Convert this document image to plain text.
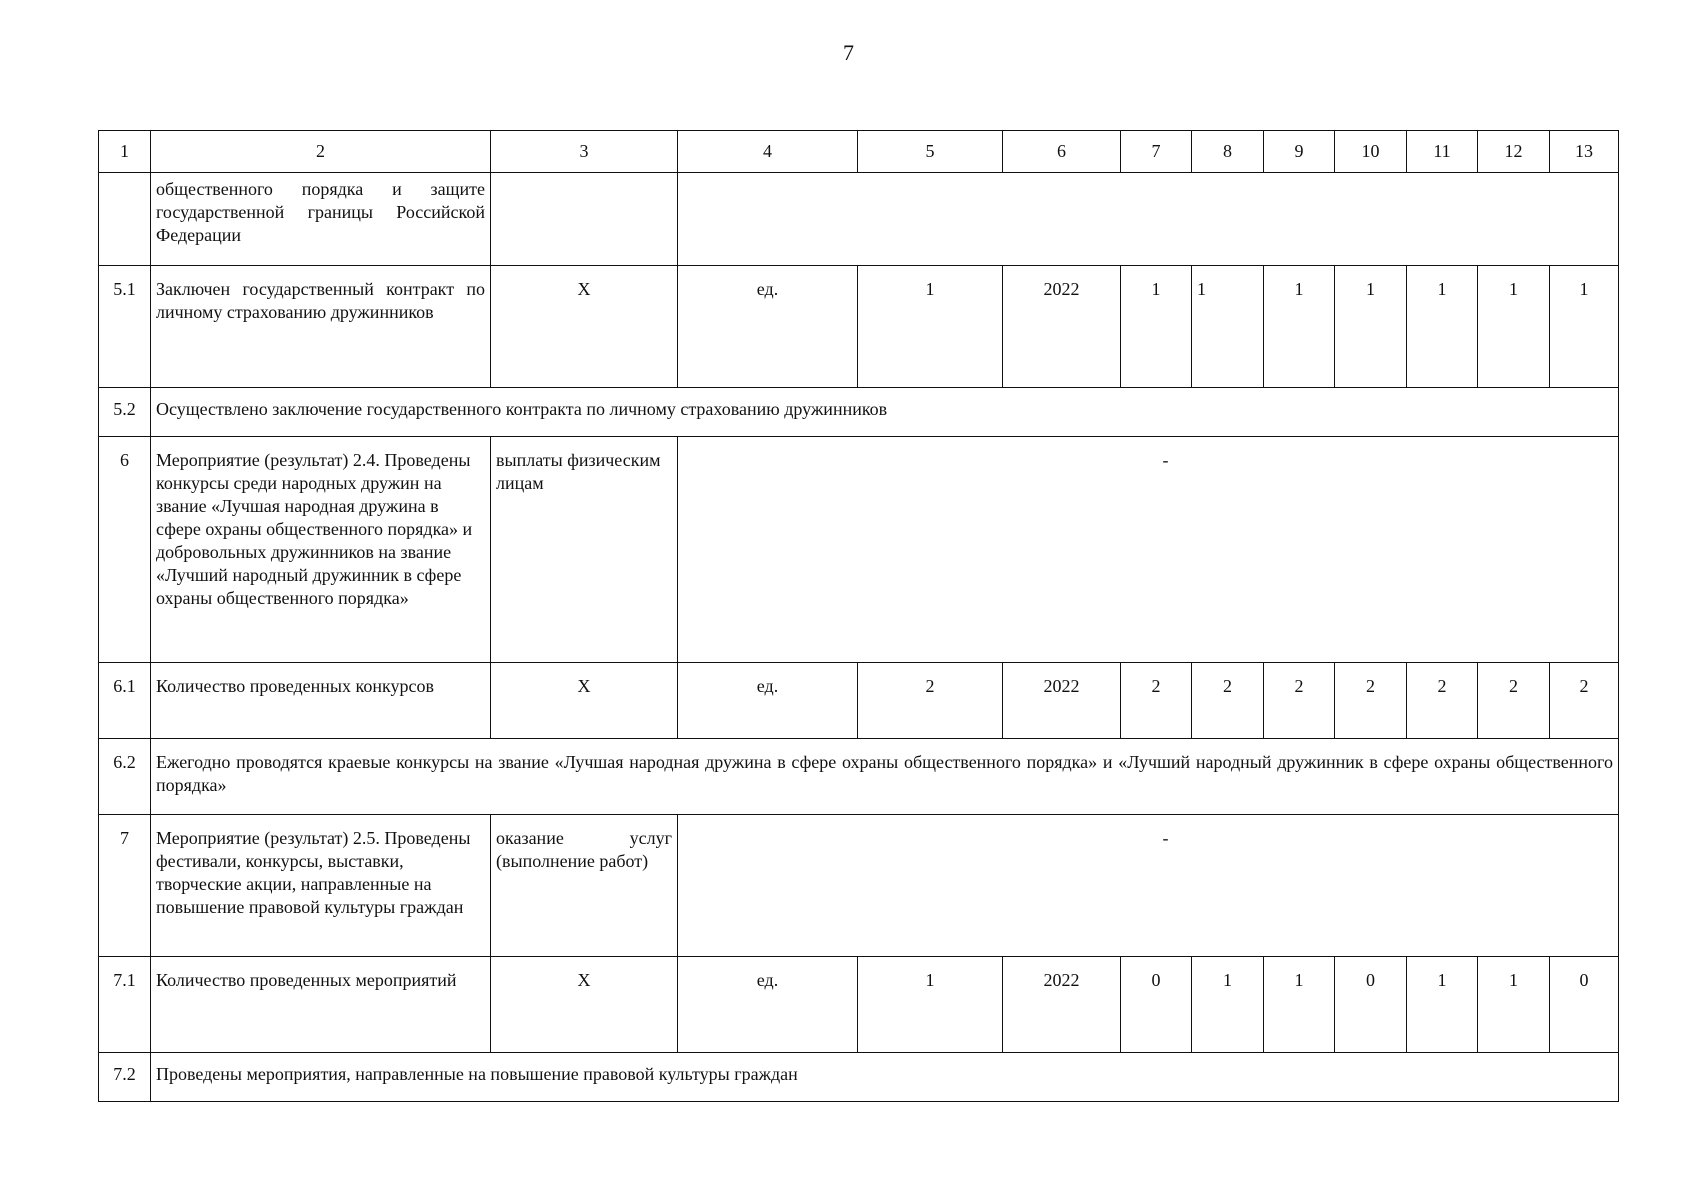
7
1	2	3	4	5	6	7	8	9	10	11	12	13
	общественного порядка и защите государственной границы Российской Федерации											
5.1	Заключен государственный контракт по личному страхованию дружинников	Х	ед.	1	2022	1	1	1	1	1	1	1
5.2	Осуществлено заключение государственного контракта по личному страхованию дружинников											
6	Мероприятие (результат) 2.4. Проведены конкурсы среди народных дружин на звание «Лучшая народная дружина в сфере охраны общественного порядка» и добровольных дружинников на звание «Лучший народный дружинник в сфере охраны общественного порядка»	выплаты физическим лицам	-									
6.1	Количество проведенных конкурсов	Х	ед.	2	2022	2	2	2	2	2	2	2
6.2	Ежегодно проводятся краевые конкурсы на звание «Лучшая народная дружина в сфере охраны общественного порядка» и «Лучший народный дружинник в сфере охраны общественного порядка»											
7	Мероприятие (результат) 2.5. Проведены фестивали, конкурсы, выставки, творческие акции, направленные на повышение правовой культуры граждан	оказание услуг (выполнение работ)	-									
7.1	Количество проведенных мероприятий	Х	ед.	1	2022	0	1	1	0	1	1	0
7.2	Проведены мероприятия, направленные на повышение правовой культуры граждан											
